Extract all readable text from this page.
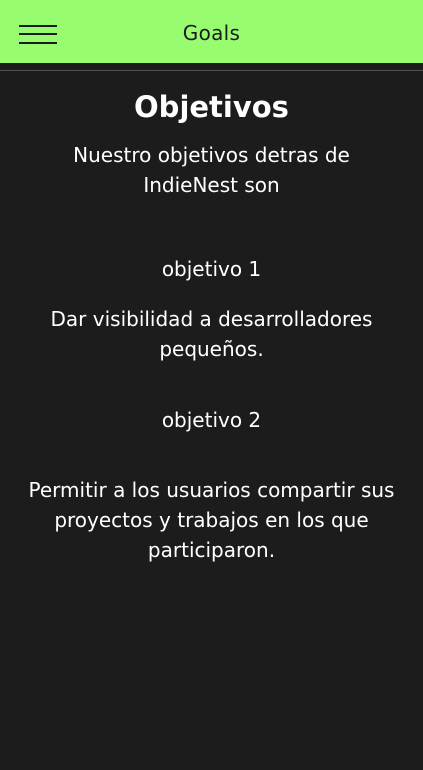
Goals
Objetivos

Nuestro objetivos detras de IndieNest son

objetivo 1

Dar visibilidad a desarrolladores pequeños.

objetivo 2

Permitir a los usuarios compartir sus proyectos y trabajos en los que participaron.
